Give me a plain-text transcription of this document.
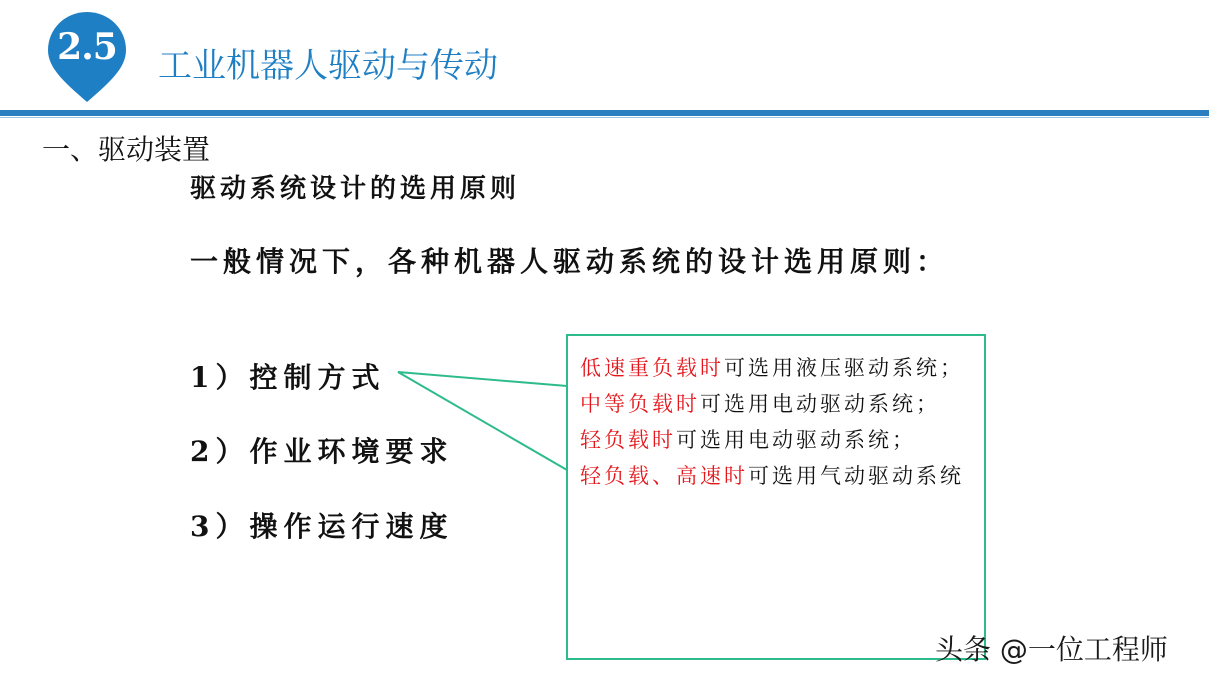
2.5	工业机器人驱动与传动
一、驱动装置
驱动系统设计的选用原则
一般情况下，各种机器人驱动系统的设计选用原则：
1）控制方式
2）作业环境要求
3）操作运行速度
低速重负载时可选用液压驱动系统；
中等负载时可选用电动驱动系统；
轻负载时可选用电动驱动系统；
轻负载、高速时可选用气动驱动系统
头条 @一位工程师
